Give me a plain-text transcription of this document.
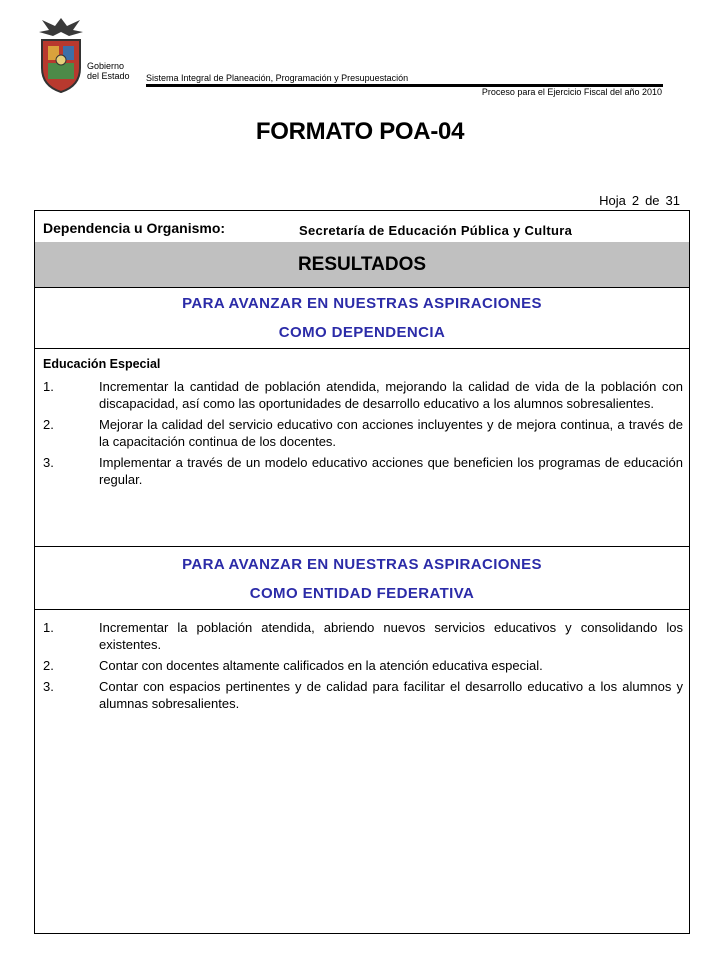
Gobierno
del Estado Sistema Integral de Planeación, Programación y Presupuestación
Proceso para el Ejercicio Fiscal del año 2010
FORMATO POA-04
Hoja 2 de 31
Dependencia u Organismo:	Secretaría de Educación Pública y Cultura
RESULTADOS
PARA AVANZAR EN NUESTRAS ASPIRACIONES
COMO DEPENDENCIA
Educación Especial
1.	Incrementar la cantidad de población atendida, mejorando la calidad de vida de la población con discapacidad, así como las oportunidades de desarrollo educativo a los alumnos sobresalientes.
2.	Mejorar la calidad del servicio educativo con acciones incluyentes y de mejora continua, a través de la capacitación continua de los docentes.
3.	Implementar a través de un modelo educativo acciones que beneficien los programas de educación regular.
PARA AVANZAR EN NUESTRAS ASPIRACIONES
COMO ENTIDAD FEDERATIVA
1.	Incrementar la población atendida, abriendo nuevos servicios educativos y consolidando los existentes.
2.	Contar con docentes altamente calificados en la atención educativa especial.
3.	Contar con espacios pertinentes y de calidad para facilitar el desarrollo educativo a los alumnos y alumnas sobresalientes.
